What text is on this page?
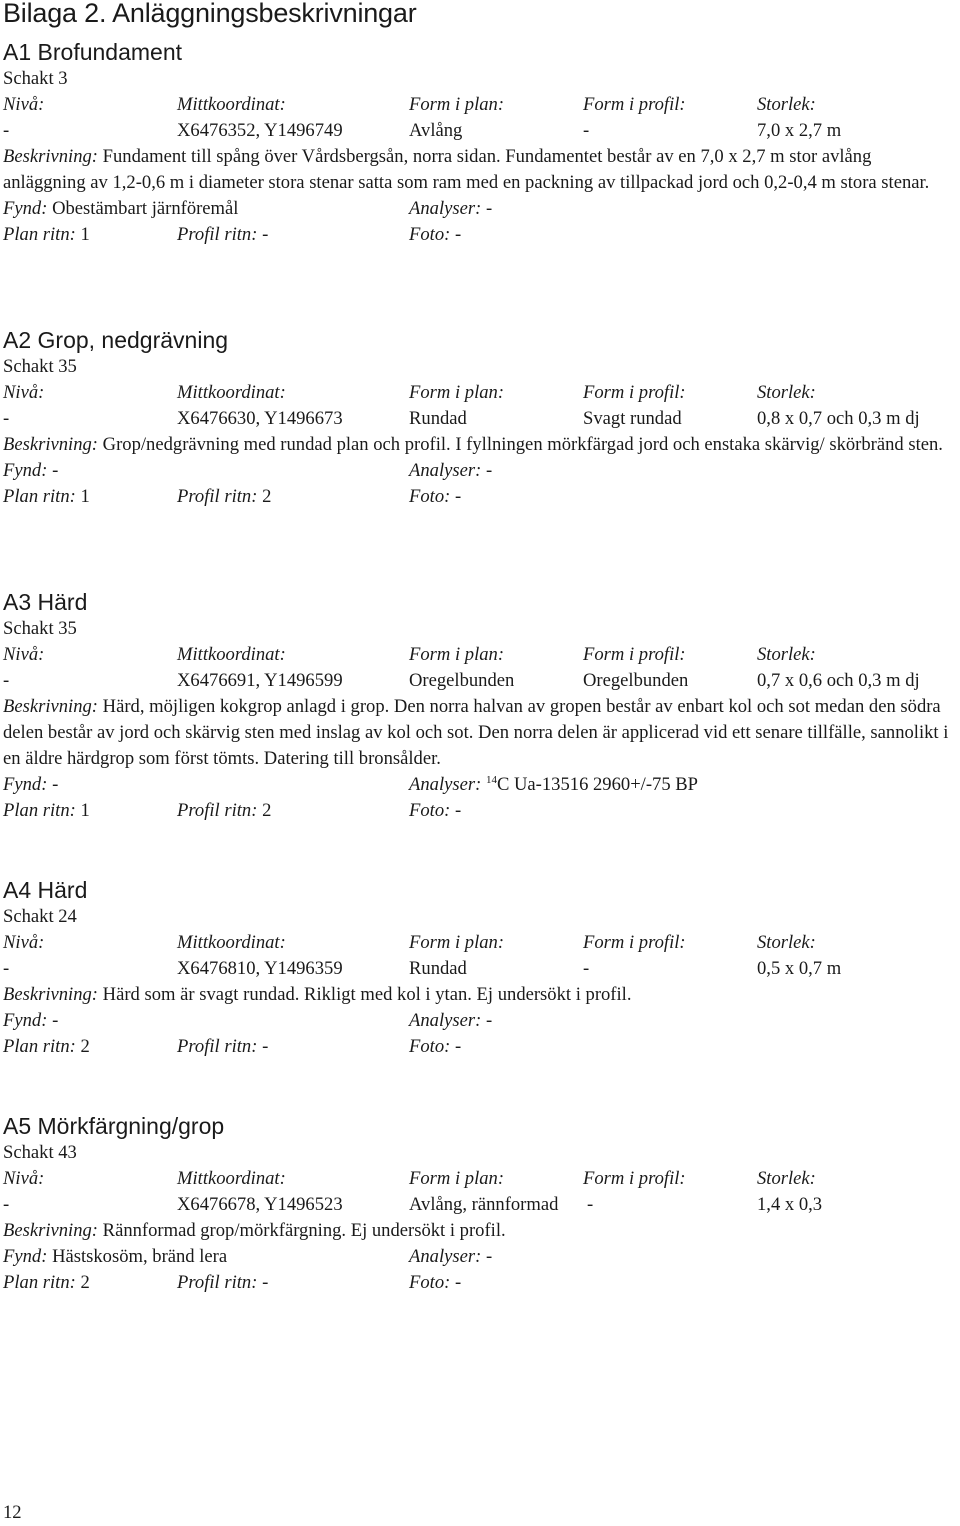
Bilaga 2. Anläggningsbeskrivningar
A1 Brofundament
Schakt 3
Nivå:	Mittkoordinat:	Form i plan:	Form i profil:	Storlek:
-	X6476352, Y1496749	Avlång	-	7,0 x 2,7 m
Beskrivning: Fundament till spång över Vårdsbergsån, norra sidan. Fundamentet består av en 7,0 x 2,7 m stor avlång anläggning av 1,2-0,6 m i diameter stora stenar satta som ram med en packning av tillpackad jord och 0,2-0,4 m stora stenar.
Fynd: Obestämbart järnföremål	Analyser: -
Plan ritn: 1	Profil ritn: -	Foto: -
A2 Grop, nedgrävning
Schakt 35
Nivå:	Mittkoordinat:	Form i plan:	Form i profil:	Storlek:
-	X6476630, Y1496673	Rundad	Svagt rundad	0,8 x 0,7 och 0,3 m dj
Beskrivning: Grop/nedgrävning med rundad plan och profil. I fyllningen mörkfärgad jord och enstaka skärvig/ skörbränd sten.
Fynd: -	Analyser: -
Plan ritn: 1	Profil ritn: 2	Foto: -
A3 Härd
Schakt 35
Nivå:	Mittkoordinat:	Form i plan:	Form i profil:	Storlek:
-	X6476691, Y1496599	Oregelbunden	Oregelbunden	0,7 x 0,6 och 0,3 m dj
Beskrivning: Härd, möjligen kokgrop anlagd i grop. Den norra halvan av gropen består av enbart kol och sot medan den södra delen består av jord och skärvig sten med inslag av kol och sot. Den norra delen är applicerad vid ett senare tillfälle, sannolikt i en äldre härdgrop som först tömts. Datering till bronsålder.
Fynd: -	Analyser: $^{14}$C Ua-13516 2960+/-75 BP
Plan ritn: 1	Profil ritn: 2	Foto: -
A4 Härd
Schakt 24
Nivå:	Mittkoordinat:	Form i plan:	Form i profil:	Storlek:
-	X6476810, Y1496359	Rundad	-	0,5 x 0,7 m
Beskrivning: Härd som är svagt rundad. Rikligt med kol i ytan. Ej undersökt i profil.
Fynd: -	Analyser: -
Plan ritn: 2	Profil ritn: -	Foto: -
A5 Mörkfärgning/grop
Schakt 43
Nivå:	Mittkoordinat:	Form i plan:	Form i profil:	Storlek:
-	X6476678, Y1496523	Avlång, rännformad -	1,4 x 0,3
Beskrivning: Rännformad grop/mörkfärgning. Ej undersökt i profil.
Fynd: Hästskosöm, bränd lera	Analyser: -
Plan ritn: 2	Profil ritn: -	Foto: -
12
